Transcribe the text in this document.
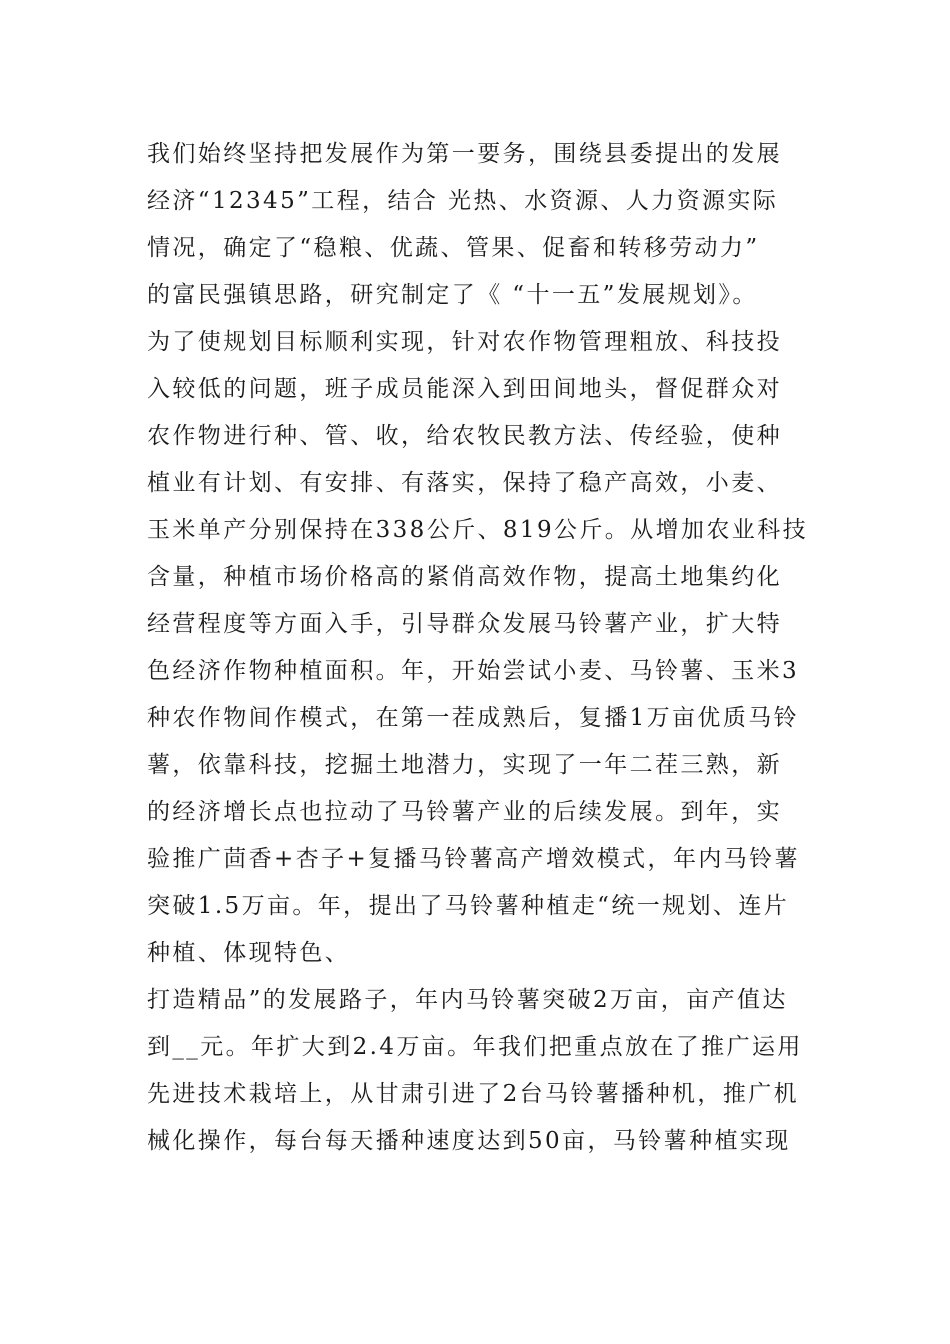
我们始终坚持把发展作为第一要务，围绕县委提出的发展
经济“12345”工程，结合 光热、水资源、人力资源实际
情况，确定了“稳粮、优蔬、管果、促畜和转移劳动力”
的富民强镇思路，研究制定了《 “十一五”发展规划》。
为了使规划目标顺利实现，针对农作物管理粗放、科技投
入较低的问题，班子成员能深入到田间地头，督促群众对
农作物进行种、管、收，给农牧民教方法、传经验，使种
植业有计划、有安排、有落实，保持了稳产高效，小麦、
玉米单产分别保持在338公斤、819公斤。从增加农业科技
含量，种植市场价格高的紧俏高效作物，提高土地集约化
经营程度等方面入手，引导群众发展马铃薯产业，扩大特
色经济作物种植面积。年，开始尝试小麦、马铃薯、玉米3
种农作物间作模式，在第一茬成熟后，复播1万亩优质马铃
薯，依靠科技，挖掘土地潜力，实现了一年二茬三熟，新
的经济增长点也拉动了马铃薯产业的后续发展。到年，实
验推广茴香+杏子+复播马铃薯高产增效模式，年内马铃薯
突破1.5万亩。年，提出了马铃薯种植走“统一规划、连片
种植、体现特色、
打造精品”的发展路子，年内马铃薯突破2万亩，亩产值达
到__元。年扩大到2.4万亩。年我们把重点放在了推广运用
先进技术栽培上，从甘肃引进了2台马铃薯播种机，推广机
械化操作，每台每天播种速度达到50亩，马铃薯种植实现
